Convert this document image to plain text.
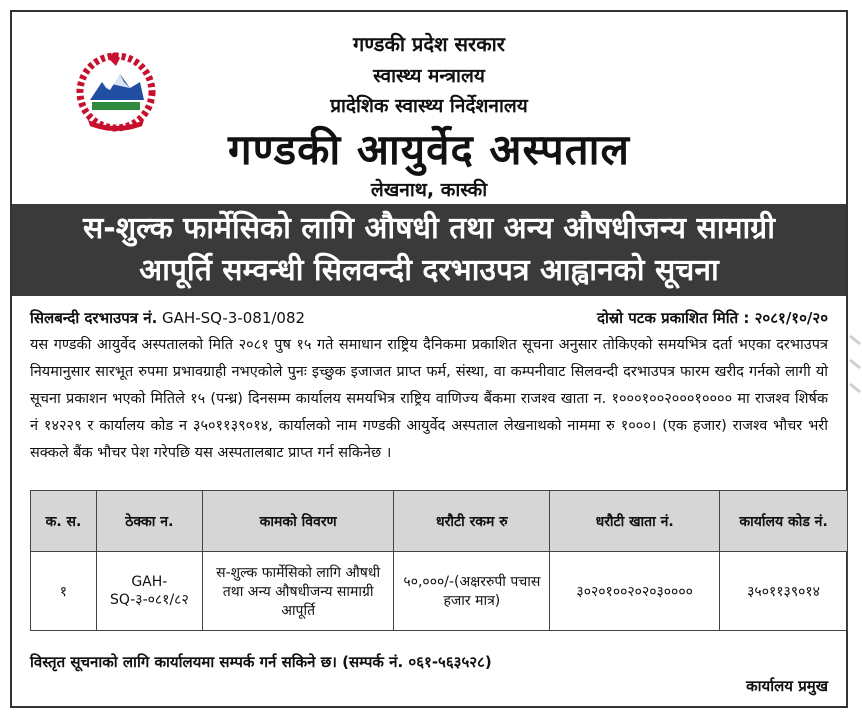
गण्डकी प्रदेश सरकार
स्वास्थ्य मन्त्रालय
प्रादेशिक स्वास्थ्य निर्देशनालय
गण्डकी आयुर्वेद अस्पताल
लेखनाथ, कास्की
स-शुल्क फार्मेसिको लागि औषधी तथा अन्य औषधीजन्य सामाग्री
आपूर्ति सम्वन्धी सिलवन्दी दरभाउपत्र आह्वानको सूचना
सिलबन्दी दरभाउपत्र नं. GAH-SQ-3-081/082	दोस्रो पटक प्रकाशित मिति : २०८१/१०/२०
यस गण्डकी आयुर्वेद अस्पतालको मिति २०८१ पुष १५ गते समाधान राष्ट्रिय दैनिकमा प्रकाशित सूचना अनुसार तोकिएको समयभित्र दर्ता भएका दरभाउपत्र नियमानुसार सारभूत रुपमा प्रभावग्राही नभएकोले पुनः इच्छुक इजाजत प्राप्त फर्म, संस्था, वा कम्पनीवाट सिलवन्दी दरभाउपत्र फारम खरीद गर्नको लागी यो सूचना प्रकाशन भएको मितिले १५ (पन्ध्र) दिनसम्म कार्यालय समयभित्र राष्ट्रिय वाणिज्य बैंकमा राजश्व खाता न. १०००१००२०००१०००० मा राजश्व शिर्षक नं १४२२९ र कार्यालय कोड न ३५०११३९०१४, कार्यालको नाम गण्डकी आयुर्वेद अस्पताल लेखनाथको नाममा रु १०००। (एक हजार) राजश्व भौचर भरी सक्कले बैंक भौचर पेश गरेपछि यस अस्पतालबाट प्राप्त गर्न सकिनेछ ।
क. स.	ठेक्का न.	कामको विवरण	धरौटी रकम रु	धरौटी खाता नं.	कार्यालय कोड नं.
१	GAH-SQ-३-०८१/८२	स-शुल्क फार्मेसिको लागि औषधी तथा अन्य औषधीजन्य सामाग्री आपूर्ति	५०,०००/-(अक्षररुपी पचास हजार मात्र)	३०२०१००२०२०३००००	३५०११३९०१४
विस्तृत सूचनाको लागि कार्यालयमा सम्पर्क गर्न सकिने छ। (सम्पर्क नं. ०६१-५६३५२८)
कार्यालय प्रमुख
